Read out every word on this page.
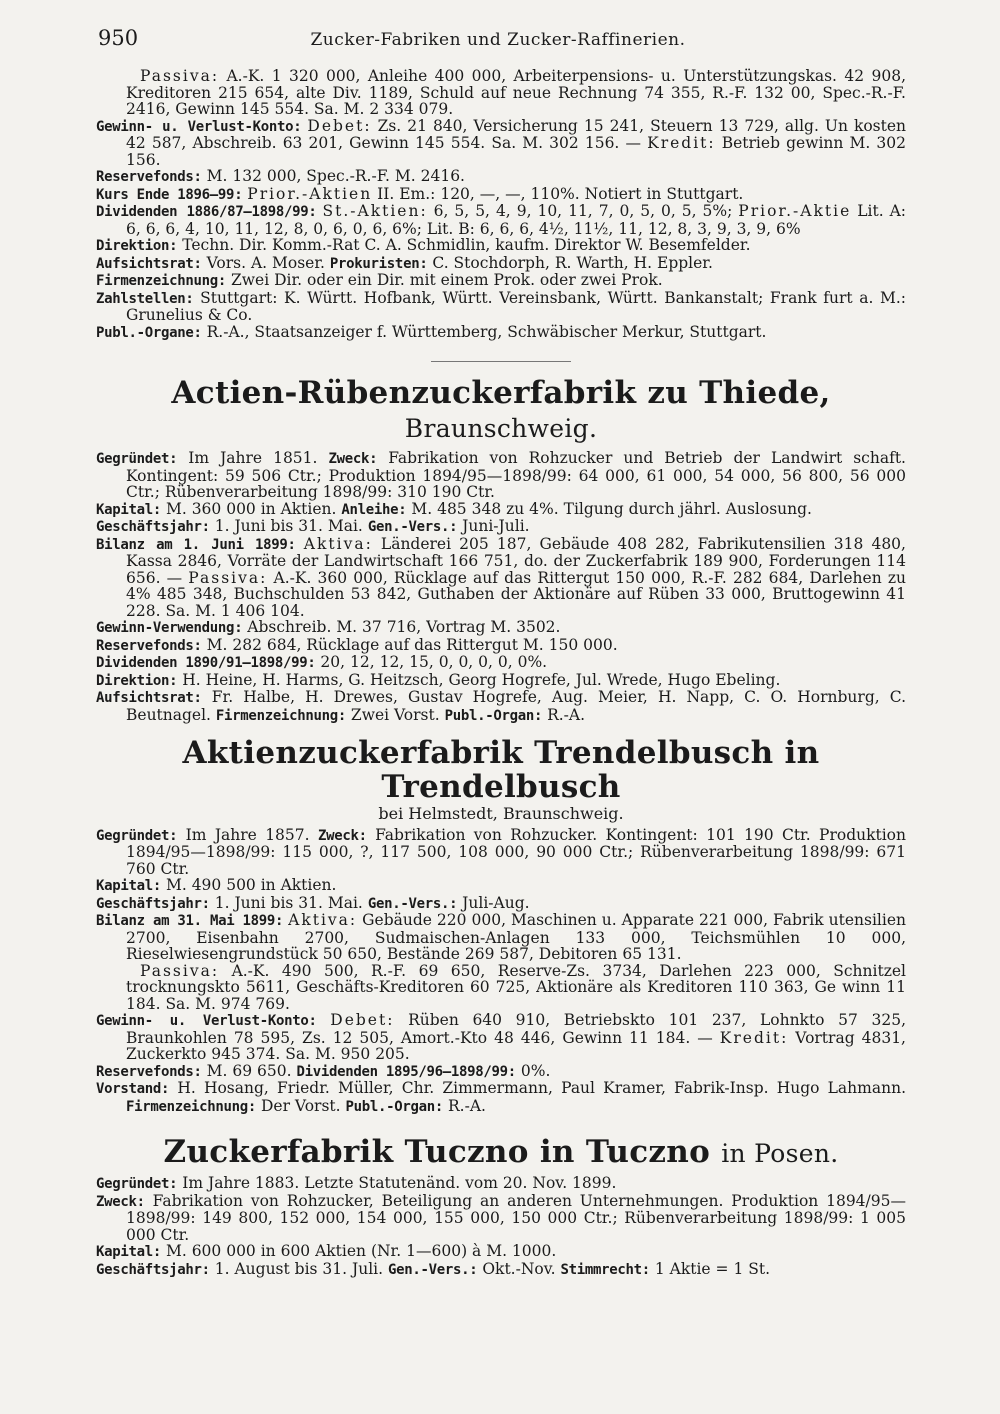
950	Zucker-Fabriken und Zucker-Raffinerien.

Passiva: A.-K. 1 320 000, Anleihe 400 000, Arbeiterpensions- u. Unterstützungskas. 42 908, Kreditoren 215 654, alte Div. 1189, Schuld auf neue Rechnung 74 355, R.-F. 132 00, Spec.-R.-F. 2416, Gewinn 145 554. Sa. M. 2 334 079.

Gewinn- u. Verlust-Konto: Debet: Zs. 21 840, Versicherung 15 241, Steuern 13 729, allg. Un kosten 42 587, Abschreib. 63 201, Gewinn 145 554. Sa. M. 302 156. — Kredit: Betrieb gewinn M. 302 156.

Reservefonds: M. 132 000, Spec.-R.-F. M. 2416.

Kurs Ende 1896—99: Prior.-Aktien II. Em.: 120, —, —, 110%. Notiert in Stuttgart.

Dividenden 1886/87—1898/99: St.-Aktien: 6, 5, 5, 4, 9, 10, 11, 7, 0, 5, 0, 5, 5%; Prior.-Aktie Lit. A: 6, 6, 6, 4, 10, 11, 12, 8, 0, 6, 0, 6, 6%; Lit. B: 6, 6, 6, 4½, 11½, 11, 12, 8, 3, 9, 3, 9, 6%

Direktion: Techn. Dir. Komm.-Rat C. A. Schmidlin, kaufm. Direktor W. Besemfelder.

Aufsichtsrat: Vors. A. Moser. Prokuristen: C. Stochdorph, R. Warth, H. Eppler.

Firmenzeichnung: Zwei Dir. oder ein Dir. mit einem Prok. oder zwei Prok.

Zahlstellen: Stuttgart: K. Württ. Hofbank, Württ. Vereinsbank, Württ. Bankanstalt; Frank furt a. M.: Grunelius & Co.

Publ.-Organe: R.-A., Staatsanzeiger f. Württemberg, Schwäbischer Merkur, Stuttgart.

Actien-Rübenzuckerfabrik zu Thiede, Braunschweig.

Gegründet: Im Jahre 1851. Zweck: Fabrikation von Rohzucker und Betrieb der Landwirt schaft. Kontingent: 59 506 Ctr.; Produktion 1894/95—1898/99: 64 000, 61 000, 54 000, 56 800, 56 000 Ctr.; Rübenverarbeitung 1898/99: 310 190 Ctr.

Kapital: M. 360 000 in Aktien. Anleihe: M. 485 348 zu 4%. Tilgung durch jährl. Auslosung.

Geschäftsjahr: 1. Juni bis 31. Mai. Gen.-Vers.: Juni-Juli.

Bilanz am 1. Juni 1899: Aktiva: Länderei 205 187, Gebäude 408 282, Fabrikutensilien 318 480, Kassa 2846, Vorräte der Landwirtschaft 166 751, do. der Zuckerfabrik 189 900, Forderungen 114 656. — Passiva: A.-K. 360 000, Rücklage auf das Rittergut 150 000, R.-F. 282 684, Darlehen zu 4% 485 348, Buchschulden 53 842, Guthaben der Aktionäre auf Rüben 33 000, Bruttogewinn 41 228. Sa. M. 1 406 104.

Gewinn-Verwendung: Abschreib. M. 37 716, Vortrag M. 3502.

Reservefonds: M. 282 684, Rücklage auf das Rittergut M. 150 000.

Dividenden 1890/91—1898/99: 20, 12, 12, 15, 0, 0, 0, 0, 0%.

Direktion: H. Heine, H. Harms, G. Heitzsch, Georg Hogrefe, Jul. Wrede, Hugo Ebeling.

Aufsichtsrat: Fr. Halbe, H. Drewes, Gustav Hogrefe, Aug. Meier, H. Napp, C. O. Hornburg, C. Beutnagel. Firmenzeichnung: Zwei Vorst. Publ.-Organ: R.-A.

Aktienzuckerfabrik Trendelbusch in Trendelbusch
bei Helmstedt, Braunschweig.

Gegründet: Im Jahre 1857. Zweck: Fabrikation von Rohzucker. Kontingent: 101 190 Ctr. Produktion 1894/95—1898/99: 115 000, ?, 117 500, 108 000, 90 000 Ctr.; Rübenverarbeitung 1898/99: 671 760 Ctr.

Kapital: M. 490 500 in Aktien.

Geschäftsjahr: 1. Juni bis 31. Mai. Gen.-Vers.: Juli-Aug.

Bilanz am 31. Mai 1899: Aktiva: Gebäude 220 000, Maschinen u. Apparate 221 000, Fabrik utensilien 2700, Eisenbahn 2700, Sudmaischen-Anlagen 133 000, Teichsmühlen 10 000, Rieselwiesengrundstück 50 650, Bestände 269 587, Debitoren 65 131.

Passiva: A.-K. 490 500, R.-F. 69 650, Reserve-Zs. 3734, Darlehen 223 000, Schnitzel trocknungskto 5611, Geschäfts-Kreditoren 60 725, Aktionäre als Kreditoren 110 363, Ge winn 11 184. Sa. M. 974 769.

Gewinn- u. Verlust-Konto: Debet: Rüben 640 910, Betriebskto 101 237, Lohnkto 57 325, Braunkohlen 78 595, Zs. 12 505, Amort.-Kto 48 446, Gewinn 11 184. — Kredit: Vortrag 4831, Zuckerkto 945 374. Sa. M. 950 205.

Reservefonds: M. 69 650. Dividenden 1895/96—1898/99: 0%.

Vorstand: H. Hosang, Friedr. Müller, Chr. Zimmermann, Paul Kramer, Fabrik-Insp. Hugo Lahmann. Firmenzeichnung: Der Vorst. Publ.-Organ: R.-A.

Zuckerfabrik Tuczno in Tuczno in Posen.

Gegründet: Im Jahre 1883. Letzte Statutenänd. vom 20. Nov. 1899.

Zweck: Fabrikation von Rohzucker, Beteiligung an anderen Unternehmungen. Produktion 1894/95—1898/99: 149 800, 152 000, 154 000, 155 000, 150 000 Ctr.; Rübenverarbeitung 1898/99: 1 005 000 Ctr.

Kapital: M. 600 000 in 600 Aktien (Nr. 1—600) à M. 1000.

Geschäftsjahr: 1. August bis 31. Juli. Gen.-Vers.: Okt.-Nov. Stimmrecht: 1 Aktie = 1 St.
